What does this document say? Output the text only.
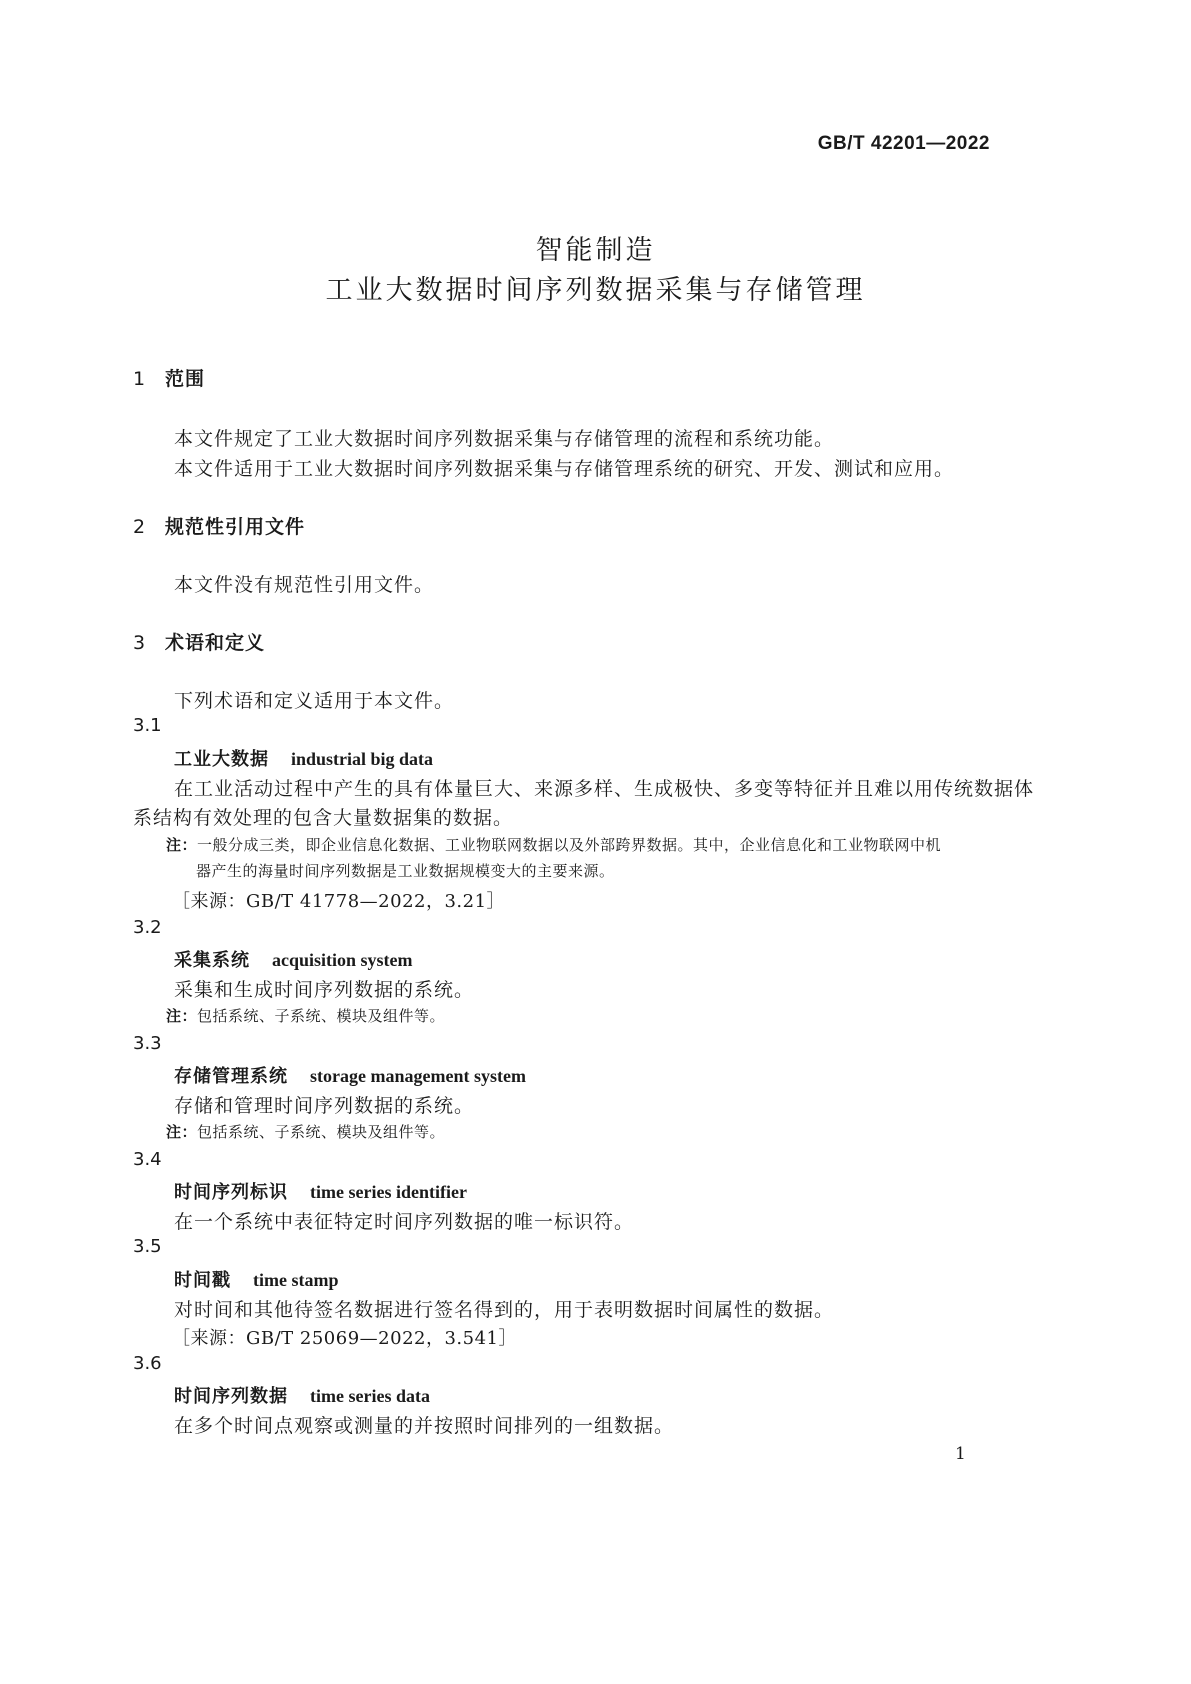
GB/T 42201—2022
智能制造
工业大数据时间序列数据采集与存储管理
1 范围
本文件规定了工业大数据时间序列数据采集与存储管理的流程和系统功能。
本文件适用于工业大数据时间序列数据采集与存储管理系统的研究、开发、测试和应用。
2 规范性引用文件
本文件没有规范性引用文件。
3 术语和定义
下列术语和定义适用于本文件。
3.1
工业大数据 industrial big data
在工业活动过程中产生的具有体量巨大、来源多样、生成极快、多变等特征并且难以用传统数据体
系结构有效处理的包含大量数据集的数据。
注：一般分成三类，即企业信息化数据、工业物联网数据以及外部跨界数据。其中，企业信息化和工业物联网中机
器产生的海量时间序列数据是工业数据规模变大的主要来源。
［来源：GB/T 41778—2022，3.21］
3.2
采集系统 acquisition system
采集和生成时间序列数据的系统。
注：包括系统、子系统、模块及组件等。
3.3
存储管理系统 storage management system
存储和管理时间序列数据的系统。
注：包括系统、子系统、模块及组件等。
3.4
时间序列标识 time series identifier
在一个系统中表征特定时间序列数据的唯一标识符。
3.5
时间戳 time stamp
对时间和其他待签名数据进行签名得到的，用于表明数据时间属性的数据。
［来源：GB/T 25069—2022，3.541］
3.6
时间序列数据 time series data
在多个时间点观察或测量的并按照时间排列的一组数据。
1
